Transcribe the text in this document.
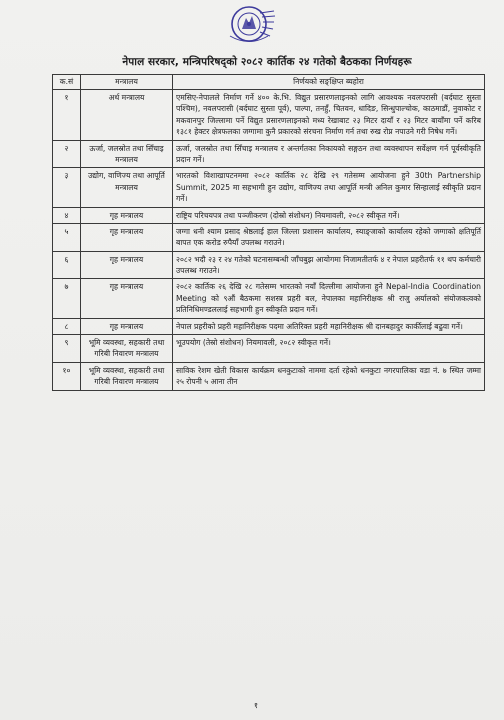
नेपाल सरकार, मन्त्रिपरिषद्‌को २०८२ कार्तिक २४ गतेको बैठकका निर्णयहरू
क.सं	मन्त्रालय	निर्णयको सङ्क्षिप्त ब्यहोरा
१	अर्थ मन्त्रालय	एमसिए-नेपालले निर्माण गर्ने ४०० के.भि. विद्युत प्रसारणलाइनको लागि आवश्यक नवलपरासी (बर्दघाट सुस्ता पश्चिम), नवलपरासी (बर्दघाट सुस्ता पूर्व), पाल्पा, तनहुँ, चितवन, धादिङ, सिन्धुपाल्चोक, काठमाडौं, नुवाकोट र मकवानपुर जिल्लामा पर्ने विद्युत प्रसारणलाइनको मध्य रेखाबाट २३ मिटर दायाँ र २३ मिटर बायाँमा पर्ने करिब १३८१ हेक्टर क्षेत्रफलका जग्गामा कुनै प्रकारको संरचना निर्माण गर्न तथा रुख रोप्न नपाउने गरी निषेध गर्ने।
२	ऊर्जा, जलस्रोत तथा सिँचाइ मन्त्रालय	ऊर्जा, जलस्रोत तथा सिँचाइ मन्त्रालय र अन्तर्गतका निकायको सङ्गठन तथा व्यवस्थापन सर्वेक्षण गर्न पूर्वस्वीकृति प्रदान गर्ने।
३	उद्योग, वाणिज्य तथा आपूर्ति मन्त्रालय	भारतको विशाखापटनममा २०८२ कार्तिक २८ देखि २९ गतेसम्म आयोजना हुने 30th Partnership Summit, 2025 मा सहभागी हुन उद्योग, वाणिज्य तथा आपूर्ति मन्त्री अनिल कुमार सिन्हालाई स्वीकृति प्रदान गर्ने।
४	गृह मन्त्रालय	राष्ट्रिय परिचयपत्र तथा पञ्जीकरण (दोस्रो संशोधन) नियमावली, २०८२ स्वीकृत गर्ने।
५	गृह मन्त्रालय	जग्गा धनी श्याम प्रसाद श्रेष्ठलाई हाल जिल्ला प्रशासन कार्यालय, स्याङ्जाको कार्यालय रहेको जग्गाको क्षतिपूर्ति बापत एक करोड रुपैयाँ उपलब्ध गराउने।
६	गृह मन्त्रालय	२०८२ भदौ २३ र २४ गतेको घटनासम्बन्धी जाँचबुझ आयोगमा निजामतीतर्फ ४ र नेपाल प्रहरीतर्फ ११ थप कर्मचारी उपलब्ध गराउने।
७	गृह मन्त्रालय	२०८२ कार्तिक २६ देखि २८ गतेसम्म भारतको नयाँ दिल्लीमा आयोजना हुने Nepal-India Coordination Meeting को ९औं बैठकमा सशस्त्र प्रहरी बल, नेपालका महानिरीक्षक श्री राजु अर्यालको संयोजकत्वको प्रतिनिधिमण्डललाई सहभागी हुन स्वीकृति प्रदान गर्ने।
८	गृह मन्त्रालय	नेपाल प्रहरीको प्रहरी महानिरीक्षक पदमा अतिरिक्त प्रहरी महानिरीक्षक श्री दानबहादुर कार्कीलाई बढुवा गर्ने।
९	भूमि व्यवस्था, सहकारी तथा गरिबी निवारण मन्त्रालय	भूउपयोग (तेस्रो संशोधन) नियमावली, २०८२ स्वीकृत गर्ने।
१०	भूमि व्यवस्था, सहकारी तथा गरिबी निवारण मन्त्रालय	साविक रेशम खेती विकास कार्यक्रम धनकुटाको नाममा दर्ता रहेको धनकुटा नगरपालिका वडा नं. ७ स्थित जम्मा २५ रोपनी ५ आना तीन
१
